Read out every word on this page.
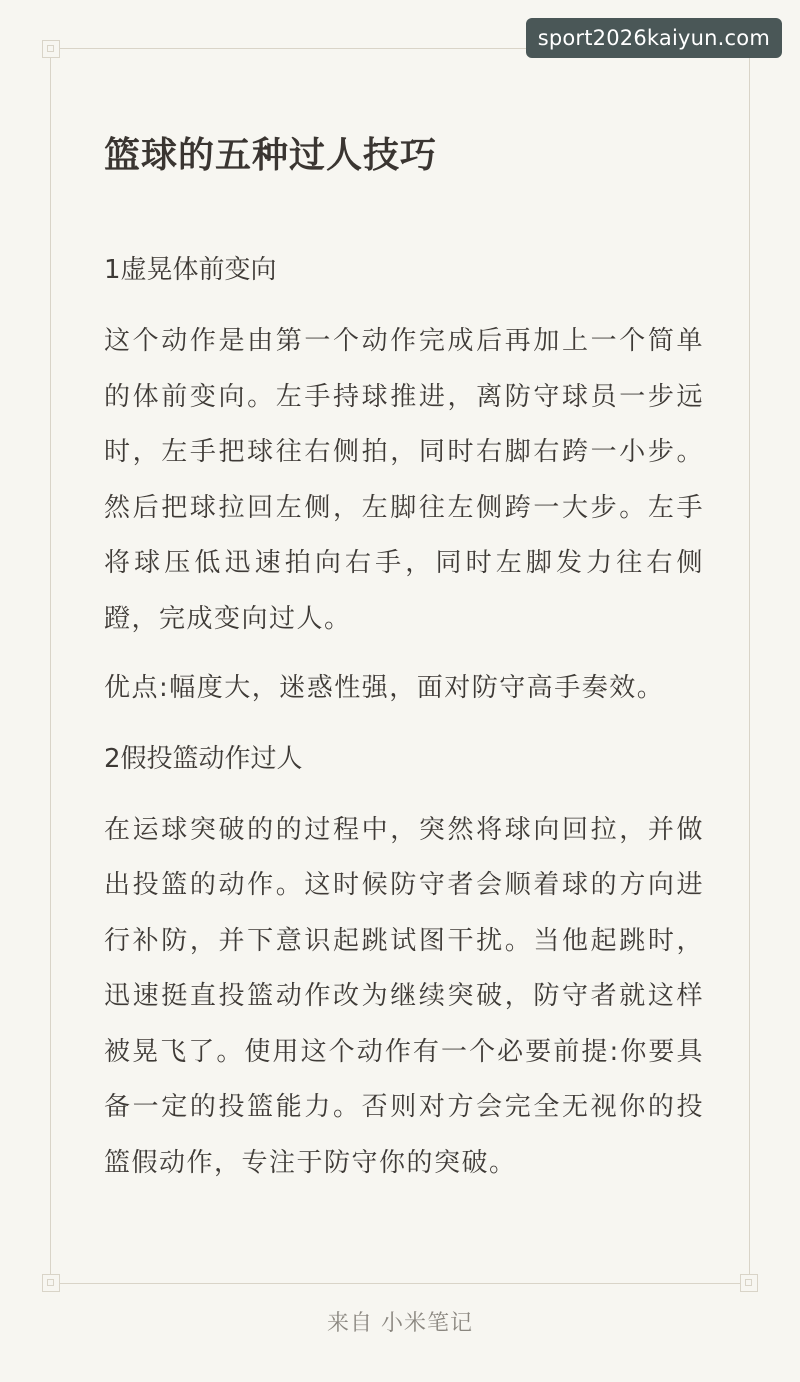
sport2026kaiyun.com
篮球的五种过人技巧
1虚晃体前变向

这个动作是由第一个动作完成后再加上一个简单的体前变向。左手持球推进，离防守球员一步远时，左手把球往右侧拍，同时右脚右跨一小步。然后把球拉回左侧，左脚往左侧跨一大步。左手将球压低迅速拍向右手，同时左脚发力往右侧蹬，完成变向过人。

优点:幅度大，迷惑性强，面对防守高手奏效。

2假投篮动作过人

在运球突破的的过程中，突然将球向回拉，并做出投篮的动作。这时候防守者会顺着球的方向进行补防，并下意识起跳试图干扰。当他起跳时，迅速挺直投篮动作改为继续突破，防守者就这样被晃飞了。使用这个动作有一个必要前提:你要具备一定的投篮能力。否则对方会完全无视你的投篮假动作，专注于防守你的突破。

来自 小米笔记
